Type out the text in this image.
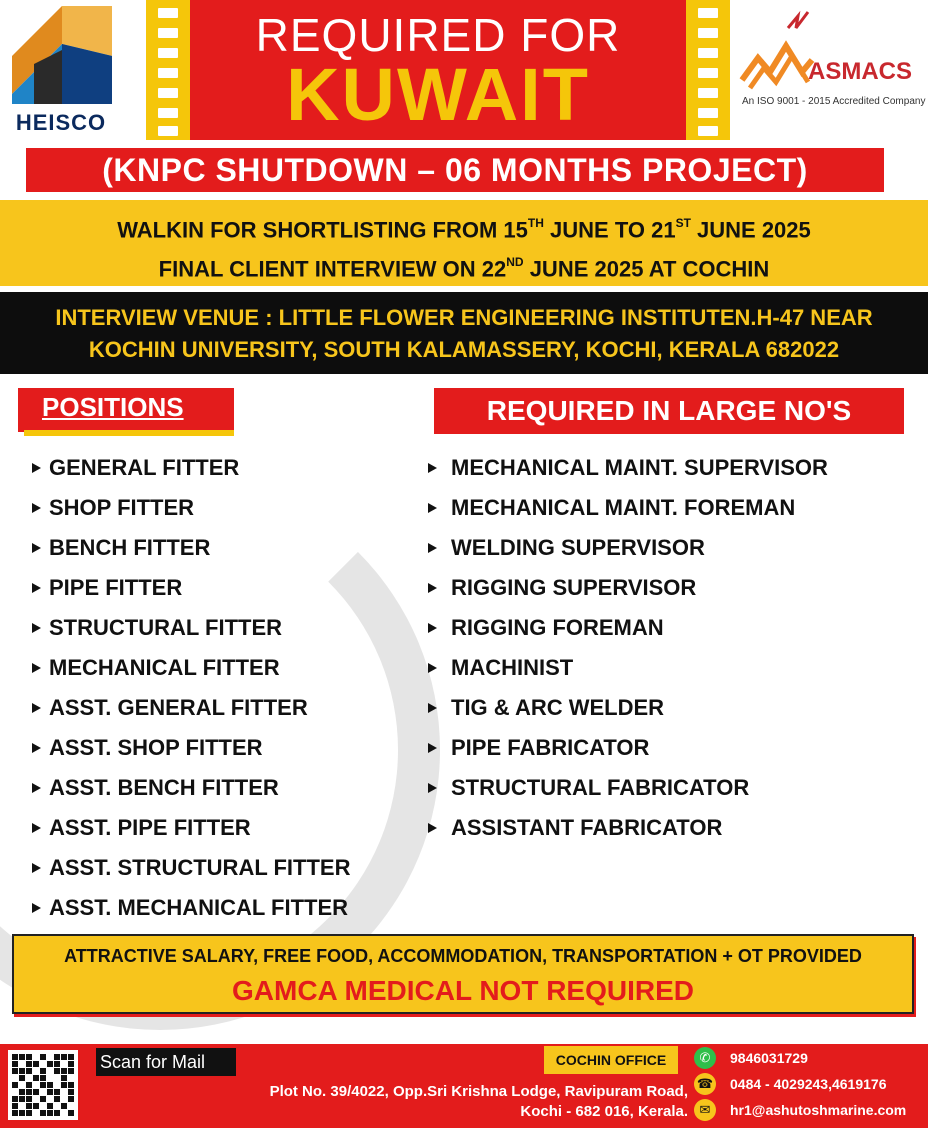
HEISCO
REQUIRED FOR
KUWAIT	ASMACS
An ISO 9001 - 2015 Accredited Company
(KNPC SHUTDOWN – 06 MONTHS PROJECT)
WALKIN FOR SHORTLISTING FROM 15TH JUNE TO 21ST JUNE 2025
FINAL CLIENT INTERVIEW ON 22ND JUNE 2025 AT COCHIN
INTERVIEW VENUE : LITTLE FLOWER ENGINEERING INSTITUTEN.H-47 NEAR
KOCHIN UNIVERSITY, SOUTH KALAMASSERY, KOCHI, KERALA 682022
POSITIONS	REQUIRED IN LARGE NO'S
GENERAL FITTER
SHOP FITTER
BENCH FITTER
PIPE FITTER
STRUCTURAL FITTER
MECHANICAL FITTER
ASST. GENERAL FITTER
ASST. SHOP FITTER
ASST. BENCH FITTER
ASST. PIPE FITTER
ASST. STRUCTURAL FITTER
ASST. MECHANICAL FITTER
MECHANICAL MAINT. SUPERVISOR
MECHANICAL MAINT. FOREMAN
WELDING SUPERVISOR
RIGGING SUPERVISOR
RIGGING FOREMAN
MACHINIST
TIG & ARC WELDER
PIPE FABRICATOR
STRUCTURAL FABRICATOR
ASSISTANT FABRICATOR
ATTRACTIVE SALARY, FREE FOOD, ACCOMMODATION, TRANSPORTATION + OT PROVIDED
GAMCA MEDICAL NOT REQUIRED
Scan for Mail	COCHIN OFFICE
Plot No. 39/4022, Opp.Sri Krishna Lodge, Ravipuram Road,
Kochi - 682 016, Kerala.
✆	9846031729
☎ 0484 - 4029243,4619176
✉	hr1@ashutoshmarine.com
